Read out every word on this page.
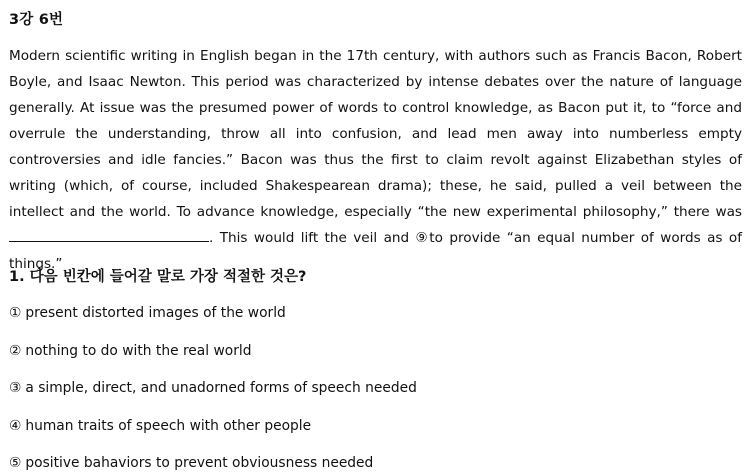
3강 6번
Modern scientific writing in English began in the 17th century, with authors such as Francis Bacon, Robert Boyle, and Isaac Newton. This period was characterized by intense debates over the nature of language generally. At issue was the presumed power of words to control knowledge, as Bacon put it, to “force and overrule the understanding, throw all into confusion, and lead men away into numberless empty controversies and idle fancies.” Bacon was thus the first to claim revolt against Elizabethan styles of writing (which, of course, included Shakespearean drama); these, he said, pulled a veil between the intellect and the world. To advance knowledge, especially “the new experimental philosophy,” there was . This would lift the veil and ⑨to provide “an equal number of words as of things.”
1. 다음 빈칸에 들어갈 말로 가장 적절한 것은?
① present distorted images of the world
② nothing to do with the real world
③ a simple, direct, and unadorned forms of speech needed
④ human traits of speech with other people
⑤ positive bahaviors to prevent obviousness needed
